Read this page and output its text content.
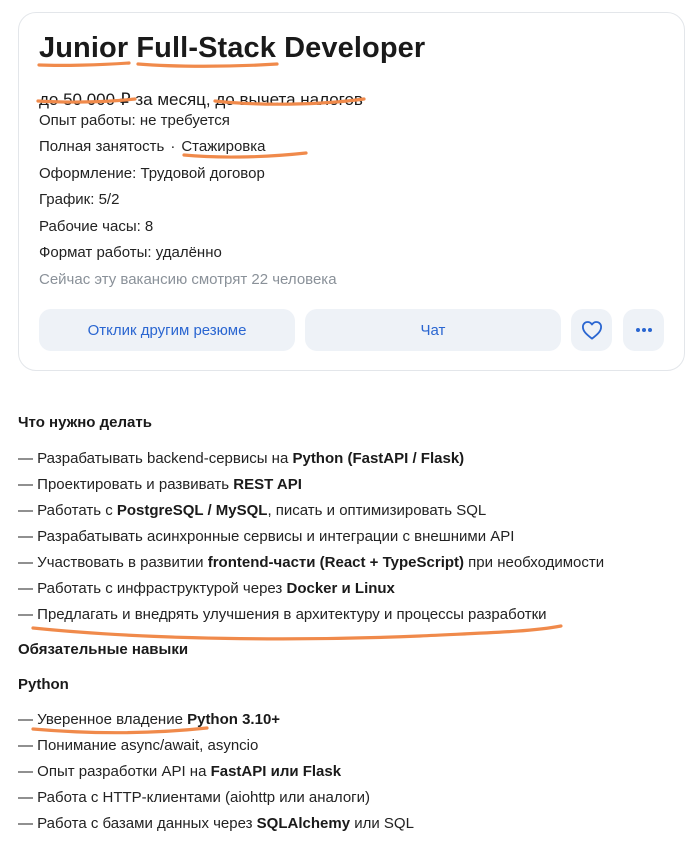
Junior Full-Stack Developer
до 50 000 ₽ за месяц, до вычета налогов
Опыт работы: не требуется
Полная занятость · Стажировка
Оформление: Трудовой договор
График: 5/2
Рабочие часы: 8
Формат работы: удалённо
Сейчас эту вакансию смотрят 22 человека
Отклик другим резюме	Чат
Что нужно делать
— Разрабатывать backend-сервисы на Python (FastAPI / Flask)
— Проектировать и развивать REST API
— Работать с PostgreSQL / MySQL, писать и оптимизировать SQL
— Разрабатывать асинхронные сервисы и интеграции с внешними API
— Участвовать в развитии frontend-части (React + TypeScript) при необходимости
— Работать с инфраструктурой через Docker и Linux
— Предлагать и внедрять улучшения в архитектуру и процессы разработки
Обязательные навыки
Python
— Уверенное владение Python 3.10+
— Понимание async/await, asyncio
— Опыт разработки API на FastAPI или Flask
— Работа с HTTP-клиентами (aiohttp или аналоги)
— Работа с базами данных через SQLAlchemy или SQL
